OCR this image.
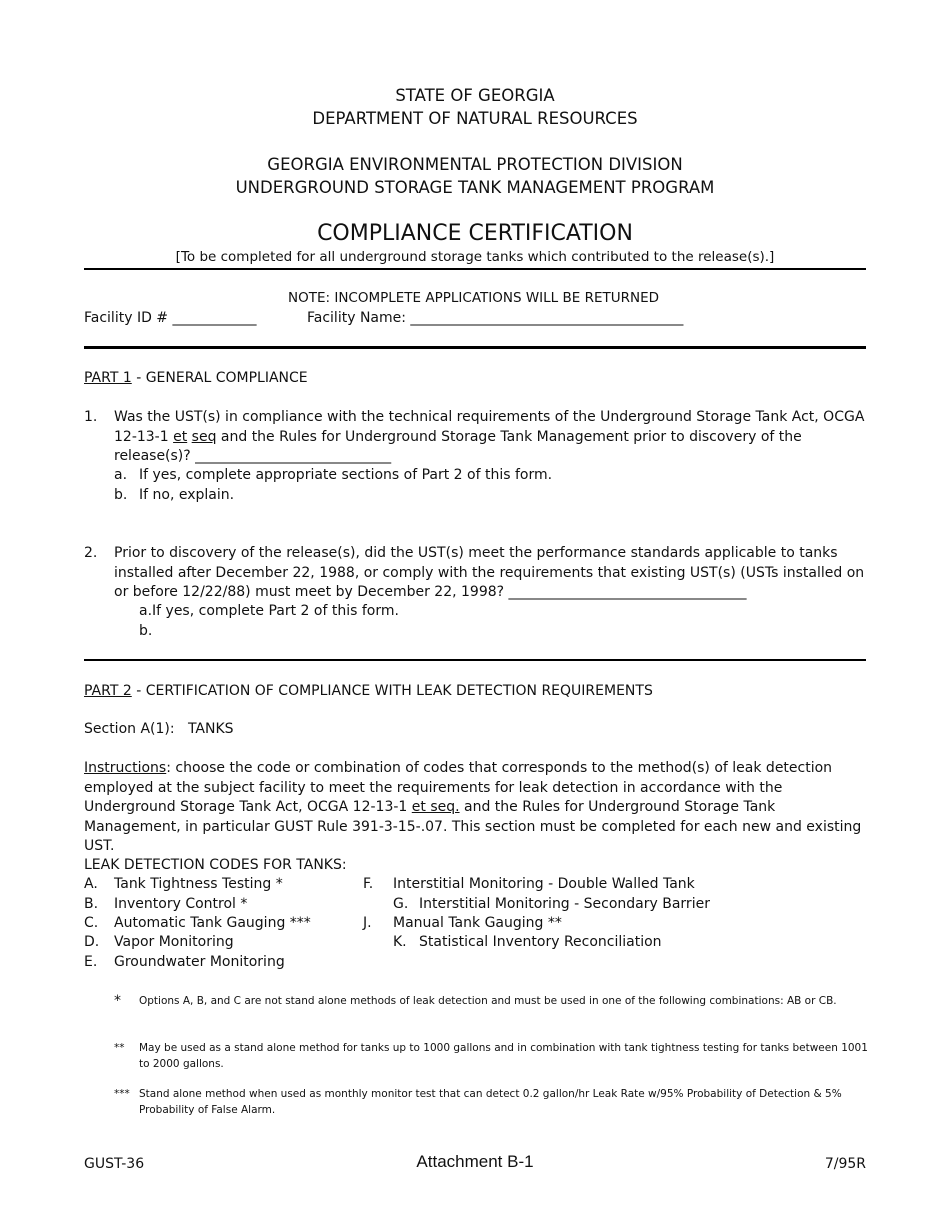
STATE OF GEORGIA
DEPARTMENT OF NATURAL RESOURCES
GEORGIA ENVIRONMENTAL PROTECTION DIVISION
UNDERGROUND STORAGE TANK MANAGEMENT PROGRAM
COMPLIANCE CERTIFICATION
[To be completed for all underground storage tanks which contributed to the release(s).]
NOTE: INCOMPLETE APPLICATIONS WILL BE RETURNED
Facility ID # ____________	Facility Name: _______________________________________
PART 1 - GENERAL COMPLIANCE
1. Was the UST(s) in compliance with the technical requirements of the Underground Storage Tank Act, OCGA 12-13-1 et seq and the Rules for Underground Storage Tank Management prior to discovery of the release(s)? ____________________________
a. If yes, complete appropriate sections of Part 2 of this form.
b. If no, explain.
2. Prior to discovery of the release(s), did the UST(s) meet the performance standards applicable to tanks installed after December 22, 1988, or comply with the requirements that existing UST(s) (USTs installed on or before 12/22/88) must meet by December 22, 1998? __________________________________
a.If yes, complete Part 2 of this form.
b.
PART 2 - CERTIFICATION OF COMPLIANCE WITH LEAK DETECTION REQUIREMENTS
Section A(1):   TANKS
Instructions: choose the code or combination of codes that corresponds to the method(s) of leak detection employed at the subject facility to meet the requirements for leak detection in accordance with the Underground Storage Tank Act, OCGA 12-13-1 et seq. and the Rules for Underground Storage Tank Management, in particular GUST Rule 391-3-15-.07. This section must be completed for each new and existing UST.
LEAK DETECTION CODES FOR TANKS:
A. Tank Tightness Testing *
B. Inventory Control *
C. Automatic Tank Gauging ***
D. Vapor Monitoring
E. Groundwater Monitoring
F. Interstitial Monitoring - Double Walled Tank
G. Interstitial Monitoring - Secondary Barrier
J. Manual Tank Gauging **
K. Statistical Inventory Reconciliation
* Options A, B, and C are not stand alone methods of leak detection and must be used in one of the following combinations: AB or CB.
** May be used as a stand alone method for tanks up to 1000 gallons and in combination with tank tightness testing for tanks between 1001 to 2000 gallons.
*** Stand alone method when used as monthly monitor test that can detect 0.2 gallon/hr Leak Rate w/95% Probability of Detection & 5% Probability of False Alarm.
GUST-36	Attachment B-1	7/95R
